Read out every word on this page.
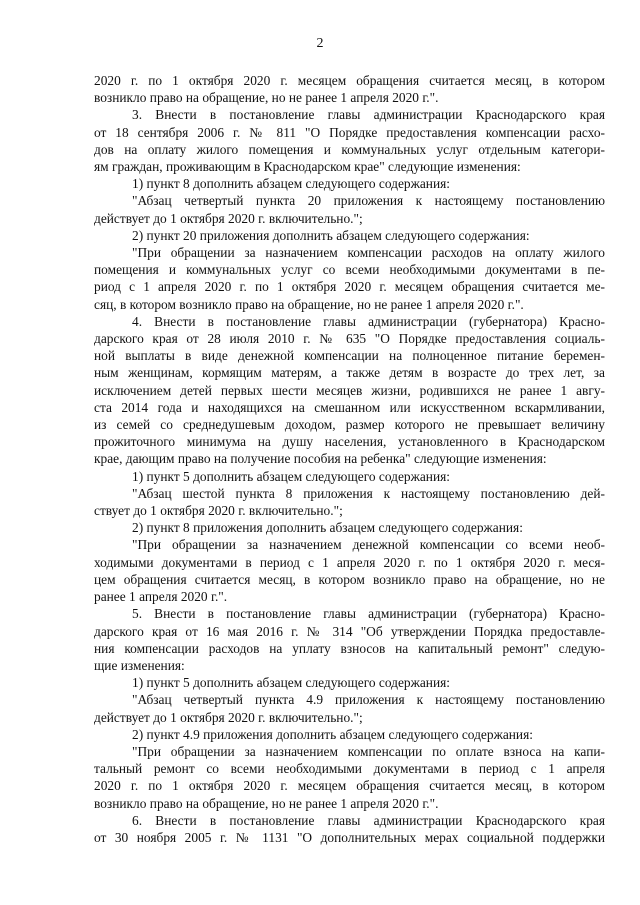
2

2020 г. по 1 октября 2020 г. месяцем обращения считается месяц, в котором
возникло право на обращение, но не ранее 1 апреля 2020 г.".

3. Внести в постановление главы администрации Краснодарского края
от 18 сентября 2006 г. № 811 "О Порядке предоставления компенсации расхо-
дов на оплату жилого помещения и коммунальных услуг отдельным категори-
ям граждан, проживающим в Краснодарском крае" следующие изменения:

1) пункт 8 дополнить абзацем следующего содержания:

"Абзац четвертый пункта 20 приложения к настоящему постановлению
действует до 1 октября 2020 г. включительно.";

2) пункт 20 приложения дополнить абзацем следующего содержания:

"При обращении за назначением компенсации расходов на оплату жилого
помещения и коммунальных услуг со всеми необходимыми документами в пе-
риод с 1 апреля 2020 г. по 1 октября 2020 г. месяцем обращения считается ме-
сяц, в котором возникло право на обращение, но не ранее 1 апреля 2020 г.".

4. Внести в постановление главы администрации (губернатора) Красно-
дарского края от 28 июля 2010 г. № 635 "О Порядке предоставления социаль-
ной выплаты в виде денежной компенсации на полноценное питание беремен-
ным женщинам, кормящим матерям, а также детям в возрасте до трех лет, за
исключением детей первых шести месяцев жизни, родившихся не ранее 1 авгу-
ста 2014 года и находящихся на смешанном или искусственном вскармливании,
из семей со среднедушевым доходом, размер которого не превышает величину
прожиточного минимума на душу населения, установленного в Краснодарском
крае, дающим право на получение пособия на ребенка" следующие изменения:

1) пункт 5 дополнить абзацем следующего содержания:

"Абзац шестой пункта 8 приложения к настоящему постановлению дей-
ствует до 1 октября 2020 г. включительно.";

2) пункт 8 приложения дополнить абзацем следующего содержания:

"При обращении за назначением денежной компенсации со всеми необ-
ходимыми документами в период с 1 апреля 2020 г. по 1 октября 2020 г. меся-
цем обращения считается месяц, в котором возникло право на обращение, но не
ранее 1 апреля 2020 г.".

5. Внести в постановление главы администрации (губернатора) Красно-
дарского края от 16 мая 2016 г. № 314 "Об утверждении Порядка предоставле-
ния компенсации расходов на уплату взносов на капитальный ремонт" следую-
щие изменения:

1) пункт 5 дополнить абзацем следующего содержания:

"Абзац четвертый пункта 4.9 приложения к настоящему постановлению
действует до 1 октября 2020 г. включительно.";

2) пункт 4.9 приложения дополнить абзацем следующего содержания:

"При обращении за назначением компенсации по оплате взноса на капи-
тальный ремонт со всеми необходимыми документами в период с 1 апреля
2020 г. по 1 октября 2020 г. месяцем обращения считается месяц, в котором
возникло право на обращение, но не ранее 1 апреля 2020 г.".

6. Внести в постановление главы администрации Краснодарского края
от 30 ноября 2005 г. № 1131 "О дополнительных мерах социальной поддержки
